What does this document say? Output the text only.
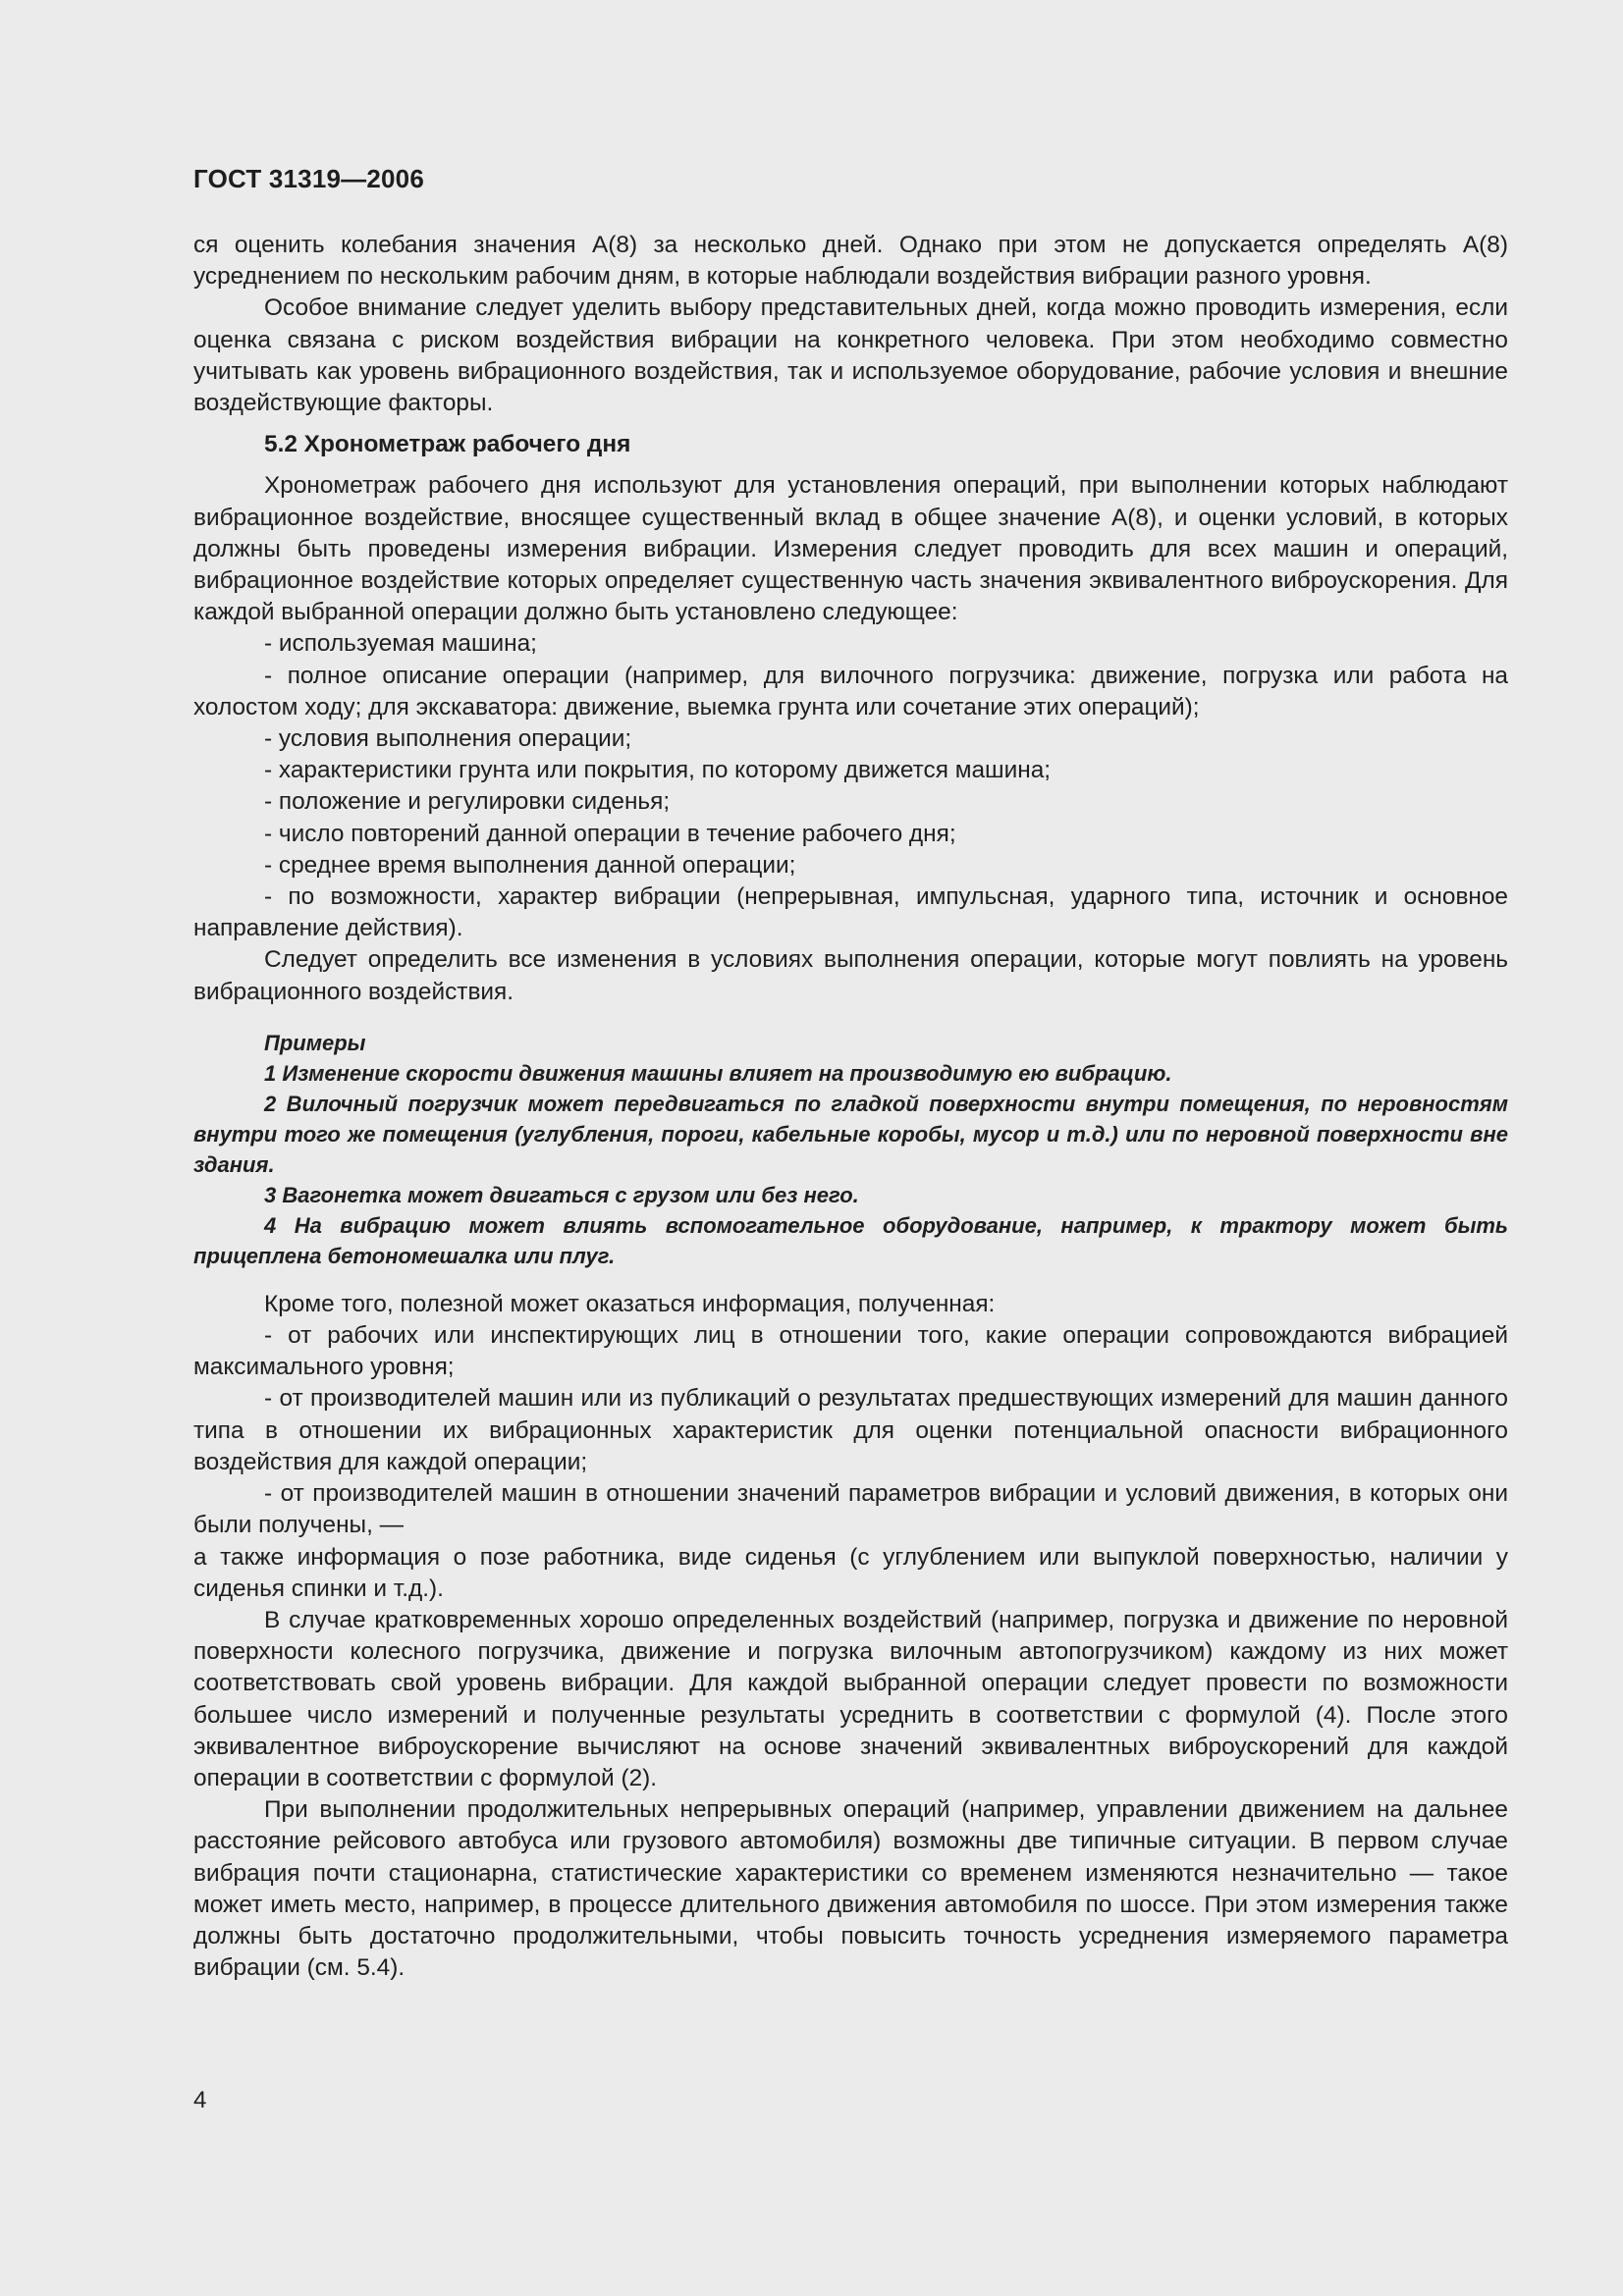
ГОСТ 31319—2006

ся оценить колебания значения A(8) за несколько дней. Однако при этом не допускается определять A(8) усреднением по нескольким рабочим дням, в которые наблюдали воздействия вибрации разного уровня.

Особое внимание следует уделить выбору представительных дней, когда можно проводить измерения, если оценка связана с риском воздействия вибрации на конкретного человека. При этом необходимо совместно учитывать как уровень вибрационного воздействия, так и используемое оборудование, рабочие условия и внешние воздействующие факторы.

5.2 Хронометраж рабочего дня

Хронометраж рабочего дня используют для установления операций, при выполнении которых наблюдают вибрационное воздействие, вносящее существенный вклад в общее значение A(8), и оценки условий, в которых должны быть проведены измерения вибрации. Измерения следует проводить для всех машин и операций, вибрационное воздействие которых определяет существенную часть значения эквивалентного виброускорения. Для каждой выбранной операции должно быть установлено следующее:

- используемая машина;

- полное описание операции (например, для вилочного погрузчика: движение, погрузка или работа на холостом ходу; для экскаватора: движение, выемка грунта или сочетание этих операций);

- условия выполнения операции;

- характеристики грунта или покрытия, по которому движется машина;

- положение и регулировки сиденья;

- число повторений данной операции в течение рабочего дня;

- среднее время выполнения данной операции;

- по возможности, характер вибрации (непрерывная, импульсная, ударного типа, источник и основное направление действия).

Следует определить все изменения в условиях выполнения операции, которые могут повлиять на уровень вибрационного воздействия.

Примеры

1 Изменение скорости движения машины влияет на производимую ею вибрацию.

2 Вилочный погрузчик может передвигаться по гладкой поверхности внутри помещения, по неровностям внутри того же помещения (углубления, пороги, кабельные коробы, мусор и т.д.) или по неровной поверхности вне здания.

3 Вагонетка может двигаться с грузом или без него.

4 На вибрацию может влиять вспомогательное оборудование, например, к трактору может быть прицеплена бетономешалка или плуг.

Кроме того, полезной может оказаться информация, полученная:

- от рабочих или инспектирующих лиц в отношении того, какие операции сопровождаются вибрацией максимального уровня;

- от производителей машин или из публикаций о результатах предшествующих измерений для машин данного типа в отношении их вибрационных характеристик для оценки потенциальной опасности вибрационного воздействия для каждой операции;

- от производителей машин в отношении значений параметров вибрации и условий движения, в которых они были получены, —

а также информация о позе работника, виде сиденья (с углублением или выпуклой поверхностью, наличии у сиденья спинки и т.д.).

В случае кратковременных хорошо определенных воздействий (например, погрузка и движение по неровной поверхности колесного погрузчика, движение и погрузка вилочным автопогрузчиком) каждому из них может соответствовать свой уровень вибрации. Для каждой выбранной операции следует провести по возможности большее число измерений и полученные результаты усреднить в соответствии с формулой (4). После этого эквивалентное виброускорение вычисляют на основе значений эквивалентных виброускорений для каждой операции в соответствии с формулой (2).

При выполнении продолжительных непрерывных операций (например, управлении движением на дальнее расстояние рейсового автобуса или грузового автомобиля) возможны две типичные ситуации. В первом случае вибрация почти стационарна, статистические характеристики со временем изменяются незначительно — такое может иметь место, например, в процессе длительного движения автомобиля по шоссе. При этом измерения также должны быть достаточно продолжительными, чтобы повысить точность усреднения измеряемого параметра вибрации (см. 5.4).

4
